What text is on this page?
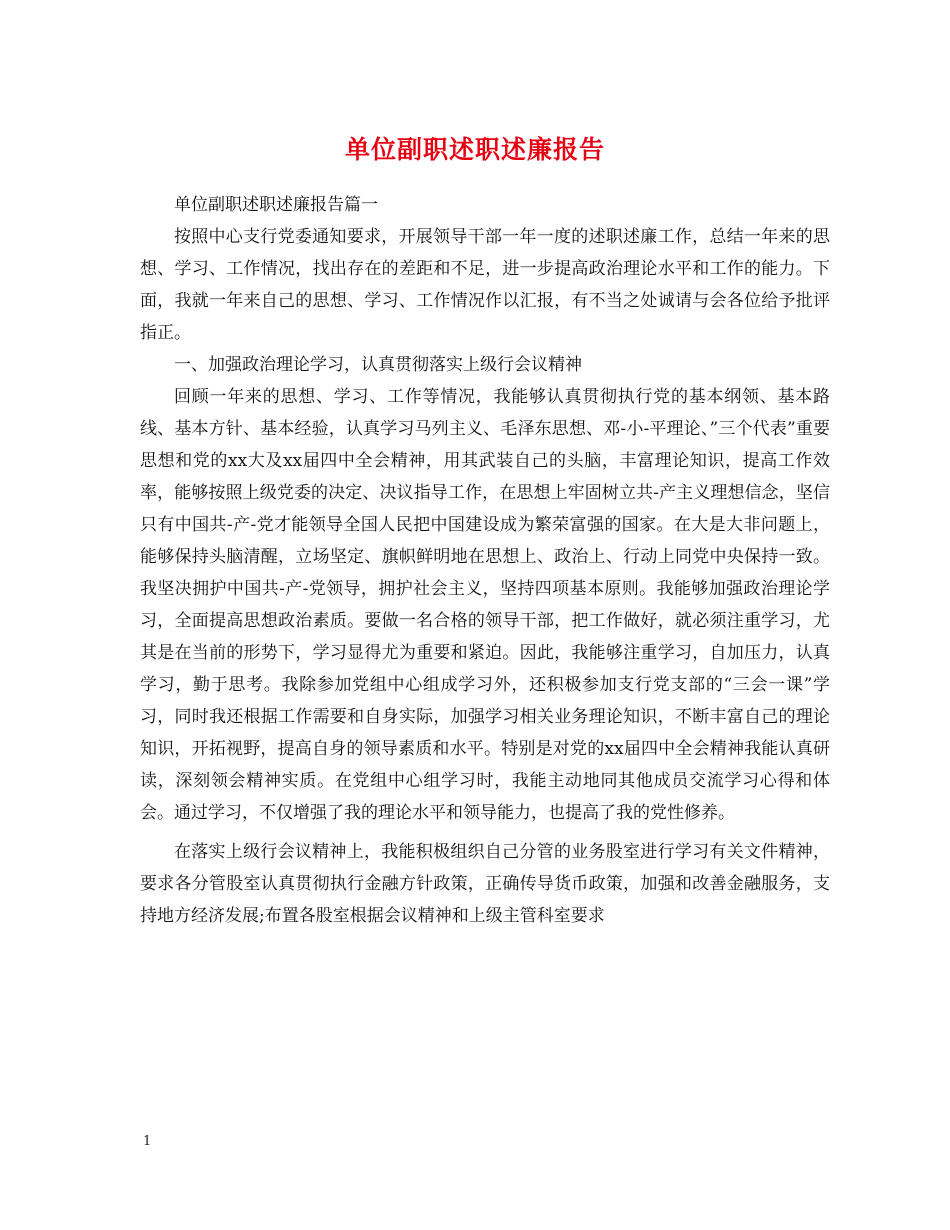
单位副职述职述廉报告

单位副职述职述廉报告篇一

按照中心支行党委通知要求，开展领导干部一年一度的述职述廉工作，总结一年来的思想、学习、工作情况，找出存在的差距和不足，进一步提高政治理论水平和工作的能力。下面，我就一年来自己的思想、学习、工作情况作以汇报，有不当之处诚请与会各位给予批评指正。

一、加强政治理论学习，认真贯彻落实上级行会议精神

回顾一年来的思想、学习、工作等情况，我能够认真贯彻执行党的基本纲领、基本路线、基本方针、基本经验，认真学习马列主义、毛泽东思想、邓-小-平理论、”三个代表”重要思想和党的xx大及xx届四中全会精神，用其武装自己的头脑，丰富理论知识，提高工作效率，能够按照上级党委的决定、决议指导工作，在思想上牢固树立共-产主义理想信念，坚信只有中国共-产-党才能领导全国人民把中国建设成为繁荣富强的国家。在大是大非问题上，能够保持头脑清醒，立场坚定、旗帜鲜明地在思想上、政治上、行动上同党中央保持一致。我坚决拥护中国共-产-党领导，拥护社会主义，坚持四项基本原则。我能够加强政治理论学习，全面提高思想政治素质。要做一名合格的领导干部，把工作做好，就必须注重学习，尤其是在当前的形势下，学习显得尤为重要和紧迫。因此，我能够注重学习，自加压力，认真学习，勤于思考。我除参加党组中心组成学习外，还积极参加支行党支部的“三会一课”学习，同时我还根据工作需要和自身实际，加强学习相关业务理论知识，不断丰富自己的理论知识，开拓视野，提高自身的领导素质和水平。特别是对党的xx届四中全会精神我能认真研读，深刻领会精神实质。在党组中心组学习时，我能主动地同其他成员交流学习心得和体会。通过学习，不仅增强了我的理论水平和领导能力，也提高了我的党性修养。

在落实上级行会议精神上，我能积极组织自己分管的业务股室进行学习有关文件精神，要求各分管股室认真贯彻执行金融方针政策，正确传导货币政策，加强和改善金融服务，支持地方经济发展;布置各股室根据会议精神和上级主管科室要求

1
